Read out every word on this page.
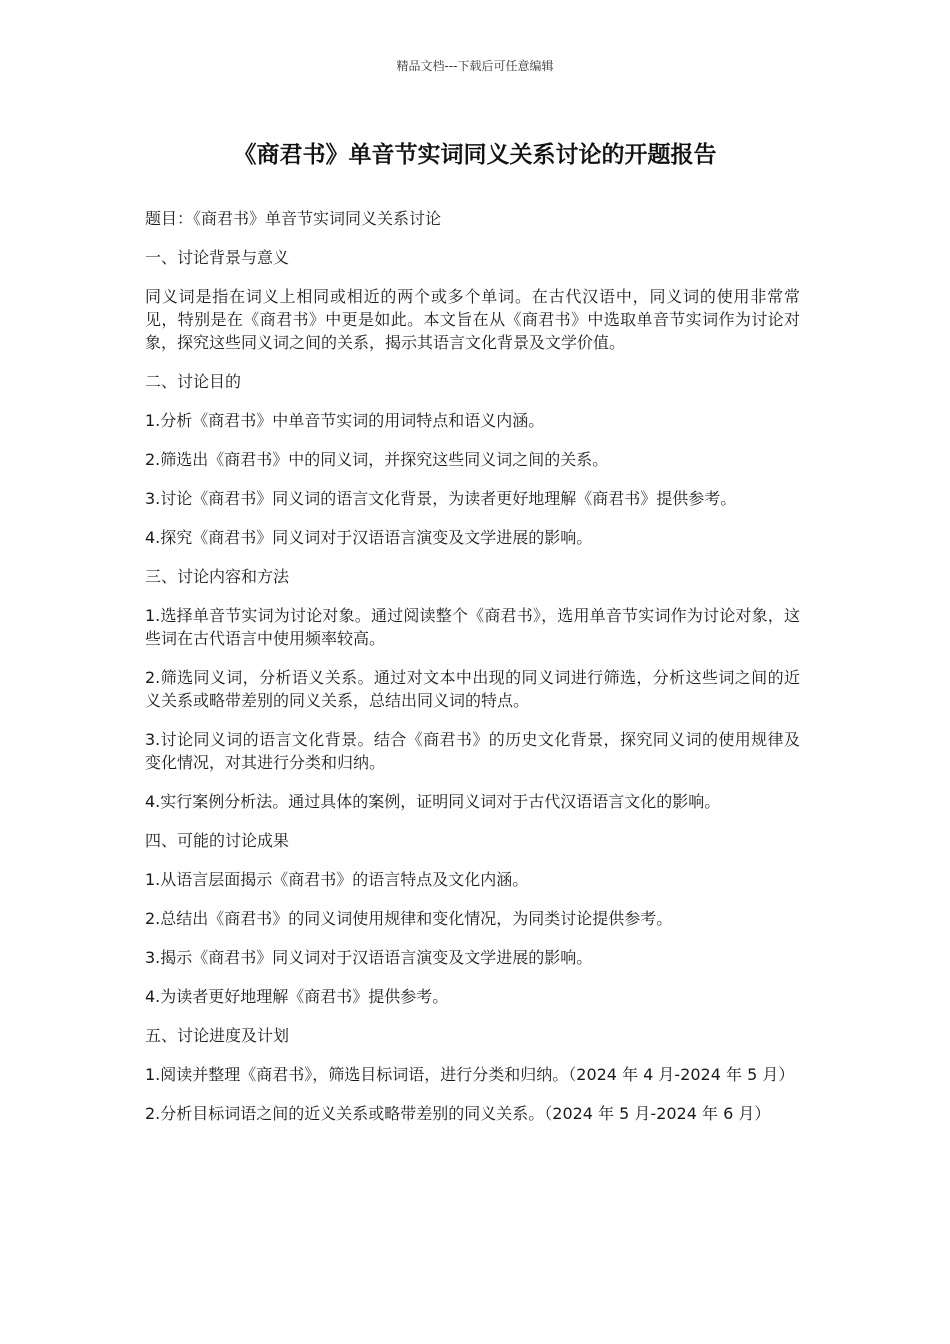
精品文档---下载后可任意编辑
《商君书》单音节实词同义关系讨论的开题报告

题目：《商君书》单音节实词同义关系讨论

一、讨论背景与意义

同义词是指在词义上相同或相近的两个或多个单词。在古代汉语中，同义词的使用非常常见，特别是在《商君书》中更是如此。本文旨在从《商君书》中选取单音节实词作为讨论对象，探究这些同义词之间的关系，揭示其语言文化背景及文学价值。

二、讨论目的

1.分析《商君书》中单音节实词的用词特点和语义内涵。

2.筛选出《商君书》中的同义词，并探究这些同义词之间的关系。

3.讨论《商君书》同义词的语言文化背景，为读者更好地理解《商君书》提供参考。

4.探究《商君书》同义词对于汉语语言演变及文学进展的影响。

三、讨论内容和方法

1.选择单音节实词为讨论对象。通过阅读整个《商君书》，选用单音节实词作为讨论对象，这些词在古代语言中使用频率较高。

2.筛选同义词，分析语义关系。通过对文本中出现的同义词进行筛选，分析这些词之间的近义关系或略带差别的同义关系，总结出同义词的特点。

3.讨论同义词的语言文化背景。结合《商君书》的历史文化背景，探究同义词的使用规律及变化情况，对其进行分类和归纳。

4.实行案例分析法。通过具体的案例，证明同义词对于古代汉语语言文化的影响。

四、可能的讨论成果

1.从语言层面揭示《商君书》的语言特点及文化内涵。

2.总结出《商君书》的同义词使用规律和变化情况，为同类讨论提供参考。

3.揭示《商君书》同义词对于汉语语言演变及文学进展的影响。

4.为读者更好地理解《商君书》提供参考。

五、讨论进度及计划

1.阅读并整理《商君书》，筛选目标词语，进行分类和归纳。（2024 年 4 月-2024 年 5 月）

2.分析目标词语之间的近义关系或略带差别的同义关系。（2024 年 5 月-2024 年 6 月）
